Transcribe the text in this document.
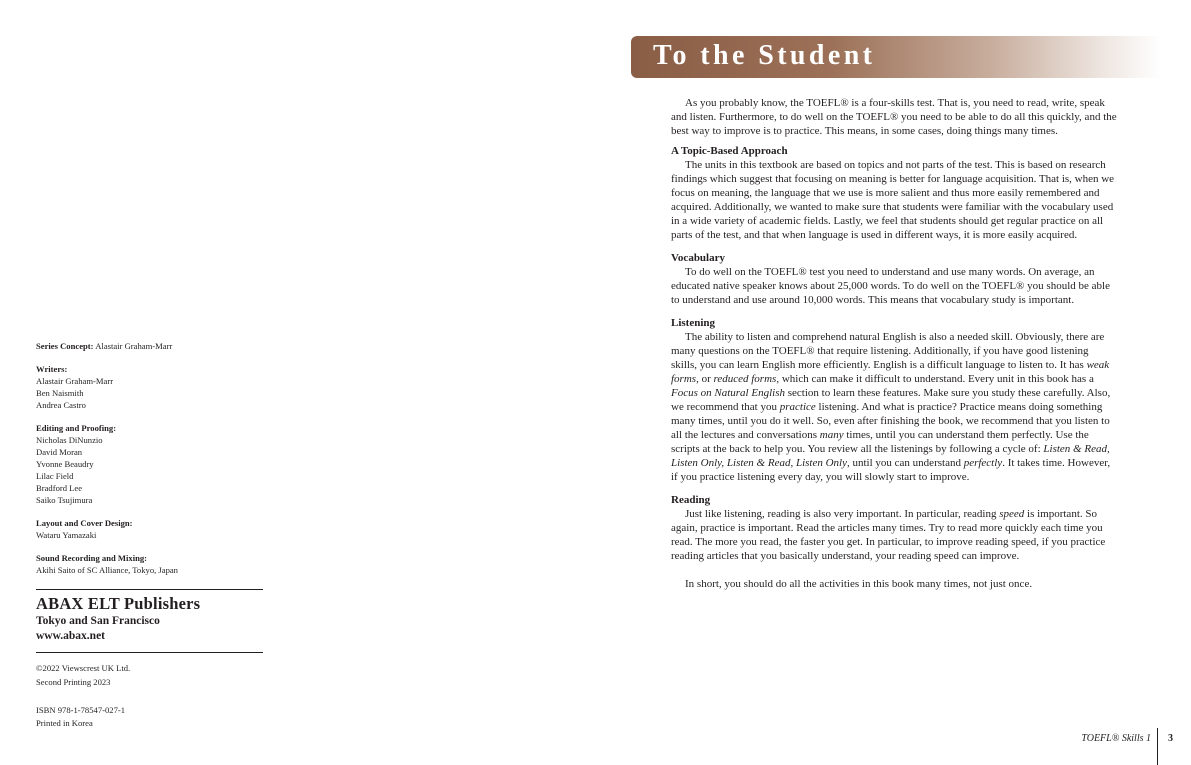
Series Concept: Alastair Graham-Marr
Writers:
Alastair Graham-Marr
Ben Naismith
Andrea Castro
Editing and Proofing:
Nicholas DiNunzio
David Moran
Yvonne Beaudry
Lilac Field
Bradford Lee
Saiko Tsujimura
Layout and Cover Design:
Wataru Yamazaki
Sound Recording and Mixing:
Akihi Saito of SC Alliance, Tokyo, Japan
ABAX ELT Publishers
Tokyo and San Francisco
www.abax.net
©2022 Viewscrest UK Ltd.
Second Printing 2023
ISBN 978-1-78547-027-1
Printed in Korea
To the Student

As you probably know, the TOEFL® is a four-skills test. That is, you need to read, write, speak and listen. Furthermore, to do well on the TOEFL® you need to be able to do all this quickly, and the best way to improve is to practice. This means, in some cases, doing things many times.

A Topic-Based Approach

The units in this textbook are based on topics and not parts of the test. This is based on research findings which suggest that focusing on meaning is better for language acquisition. That is, when we focus on meaning, the language that we use is more salient and thus more easily remembered and acquired. Additionally, we wanted to make sure that students were familiar with the vocabulary used in a wide variety of academic fields. Lastly, we feel that students should get regular practice on all parts of the test, and that when language is used in different ways, it is more easily acquired.

Vocabulary

To do well on the TOEFL® test you need to understand and use many words. On average, an educated native speaker knows about 25,000 words. To do well on the TOEFL® you should be able to understand and use around 10,000 words. This means that vocabulary study is important.

Listening

The ability to listen and comprehend natural English is also a needed skill. Obviously, there are many questions on the TOEFL® that require listening. Additionally, if you have good listening skills, you can learn English more efficiently. English is a difficult language to listen to. It has weak forms, or reduced forms, which can make it difficult to understand. Every unit in this book has a Focus on Natural English section to learn these features. Make sure you study these carefully. Also, we recommend that you practice listening. And what is practice? Practice means doing something many times, until you do it well. So, even after finishing the book, we recommend that you listen to all the lectures and conversations many times, until you can understand them perfectly. Use the scripts at the back to help you. You review all the listenings by following a cycle of: Listen & Read, Listen Only, Listen & Read, Listen Only, until you can understand perfectly. It takes time. However, if you practice listening every day, you will slowly start to improve.

Reading

Just like listening, reading is also very important. In particular, reading speed is important. So again, practice is important. Read the articles many times. Try to read more quickly each time you read. The more you read, the faster you get. In particular, to improve reading speed, if you practice reading articles that you basically understand, your reading speed can improve.

In short, you should do all the activities in this book many times, not just once.

TOEFL® Skills 1 3
